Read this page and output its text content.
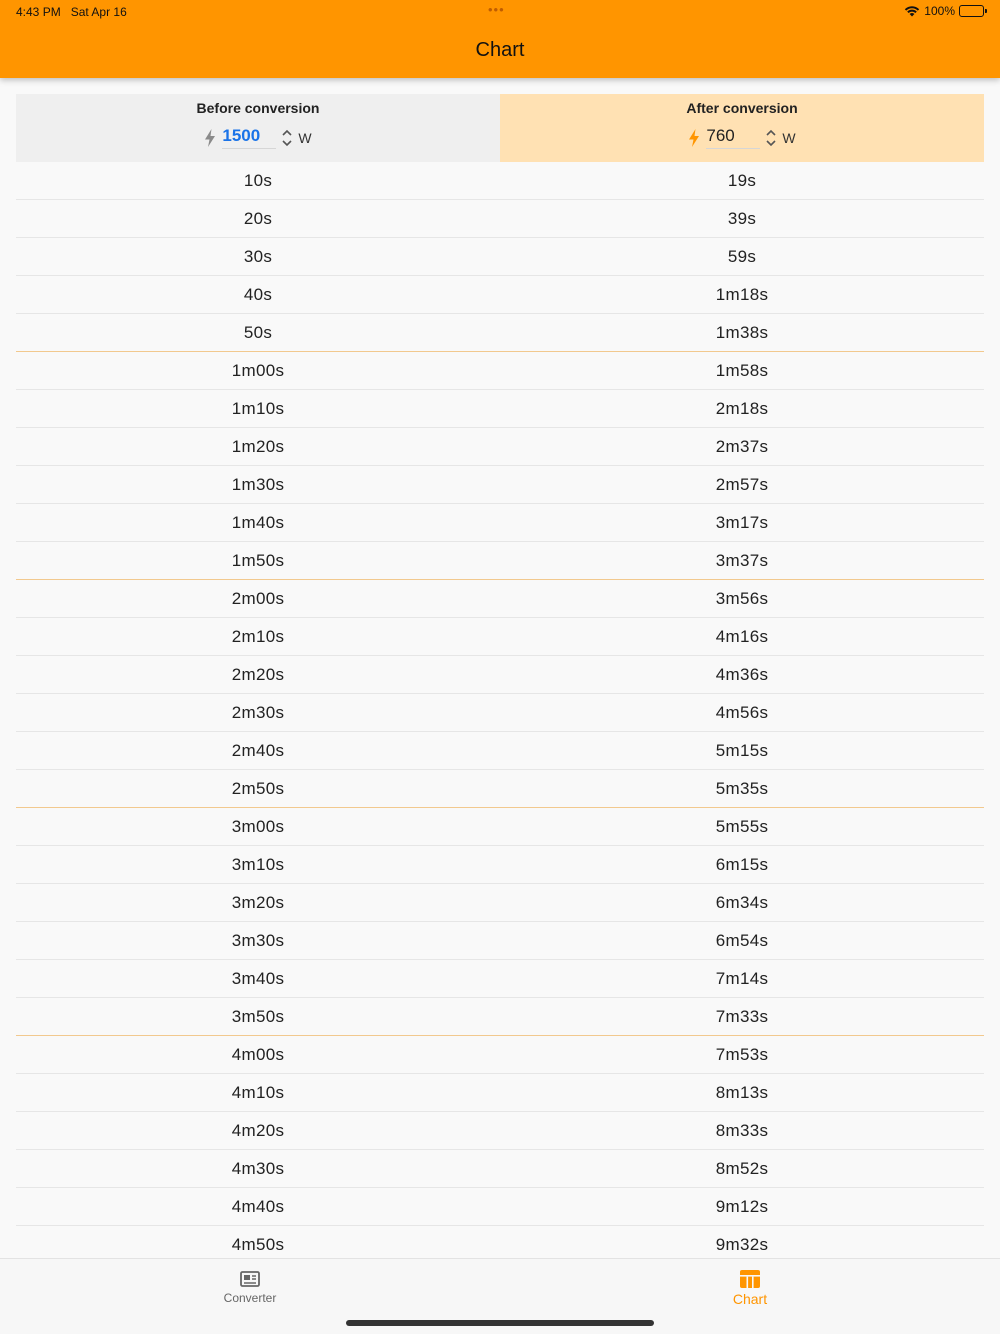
4:43 PM Sat Apr 16	•••	100%
Chart
Before conversion
1500	W
After conversion
760	W
10s	19s
20s	39s
30s	59s
40s	1m18s
50s	1m38s
1m00s	1m58s
1m10s	2m18s
1m20s	2m37s
1m30s	2m57s
1m40s	3m17s
1m50s	3m37s
2m00s	3m56s
2m10s	4m16s
2m20s	4m36s
2m30s	4m56s
2m40s	5m15s
2m50s	5m35s
3m00s	5m55s
3m10s	6m15s
3m20s	6m34s
3m30s	6m54s
3m40s	7m14s
3m50s	7m33s
4m00s	7m53s
4m10s	8m13s
4m20s	8m33s
4m30s	8m52s
4m40s	9m12s
4m50s	9m32s
Converter	Chart
